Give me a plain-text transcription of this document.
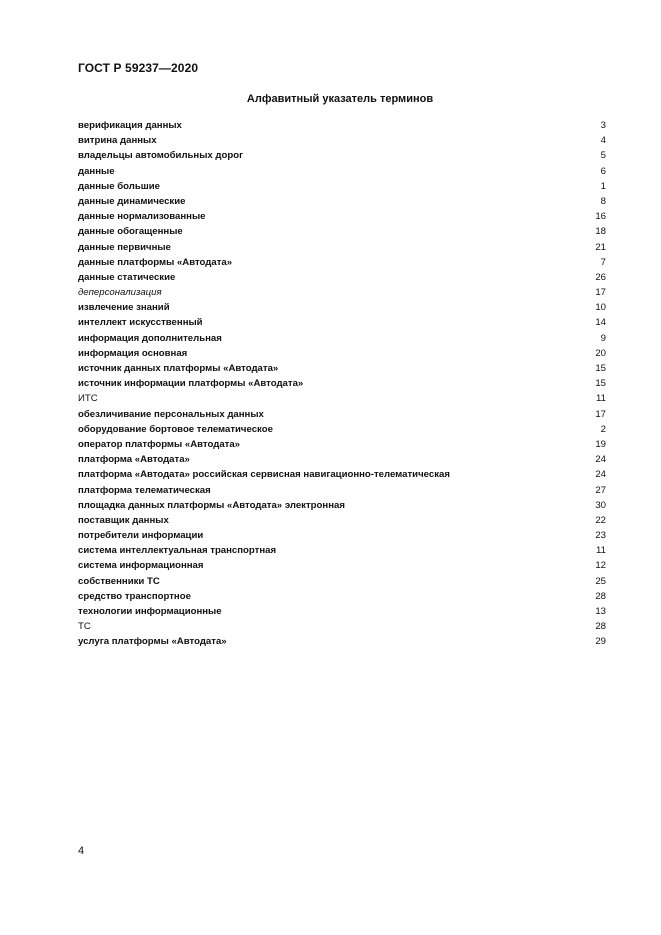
ГОСТ Р 59237—2020
Алфавитный указатель терминов
верификация данных	3
витрина данных	4
владельцы автомобильных дорог	5
данные	6
данные большие	1
данные динамические	8
данные нормализованные	16
данные обогащенные	18
данные первичные	21
данные платформы «Автодата»	7
данные статические	26
деперсонализация	17
извлечение знаний	10
интеллект искусственный	14
информация дополнительная	9
информация основная	20
источник данных платформы «Автодата»	15
источник информации платформы «Автодата»	15
ИТС	11
обезличивание персональных данных	17
оборудование бортовое телематическое	2
оператор платформы «Автодата»	19
платформа «Автодата»	24
платформа «Автодата» российская сервисная навигационно-телематическая	24
платформа телематическая	27
площадка данных платформы «Автодата» электронная	30
поставщик данных	22
потребители информации	23
система интеллектуальная транспортная	11
система информационная	12
собственники ТС	25
средство транспортное	28
технологии информационные	13
ТС	28
услуга платформы «Автодата»	29
4
